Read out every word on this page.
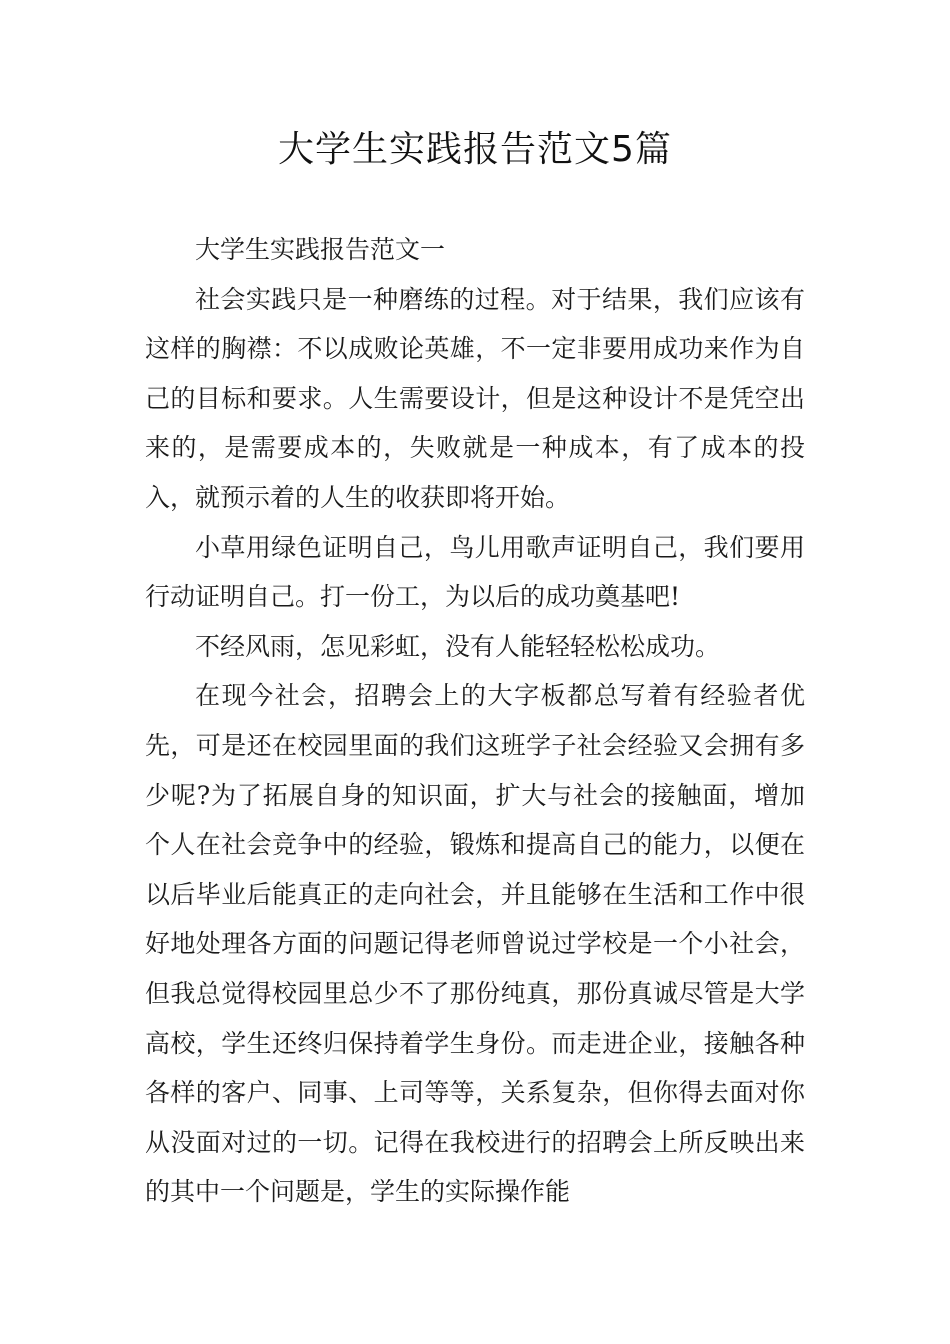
大学生实践报告范文5篇

大学生实践报告范文一

社会实践只是一种磨练的过程。对于结果，我们应该有这样的胸襟：不以成败论英雄，不一定非要用成功来作为自己的目标和要求。人生需要设计，但是这种设计不是凭空出来的，是需要成本的，失败就是一种成本，有了成本的投入，就预示着的人生的收获即将开始。

小草用绿色证明自己，鸟儿用歌声证明自己，我们要用行动证明自己。打一份工，为以后的成功奠基吧!

不经风雨，怎见彩虹，没有人能轻轻松松成功。

在现今社会，招聘会上的大字板都总写着有经验者优先，可是还在校园里面的我们这班学子社会经验又会拥有多少呢?为了拓展自身的知识面，扩大与社会的接触面，增加个人在社会竞争中的经验，锻炼和提高自己的能力，以便在以后毕业后能真正的走向社会，并且能够在生活和工作中很好地处理各方面的问题记得老师曾说过学校是一个小社会，但我总觉得校园里总少不了那份纯真，那份真诚尽管是大学高校，学生还终归保持着学生身份。而走进企业，接触各种各样的客户、同事、上司等等，关系复杂，但你得去面对你从没面对过的一切。记得在我校进行的招聘会上所反映出来的其中一个问题是，学生的实际操作能
